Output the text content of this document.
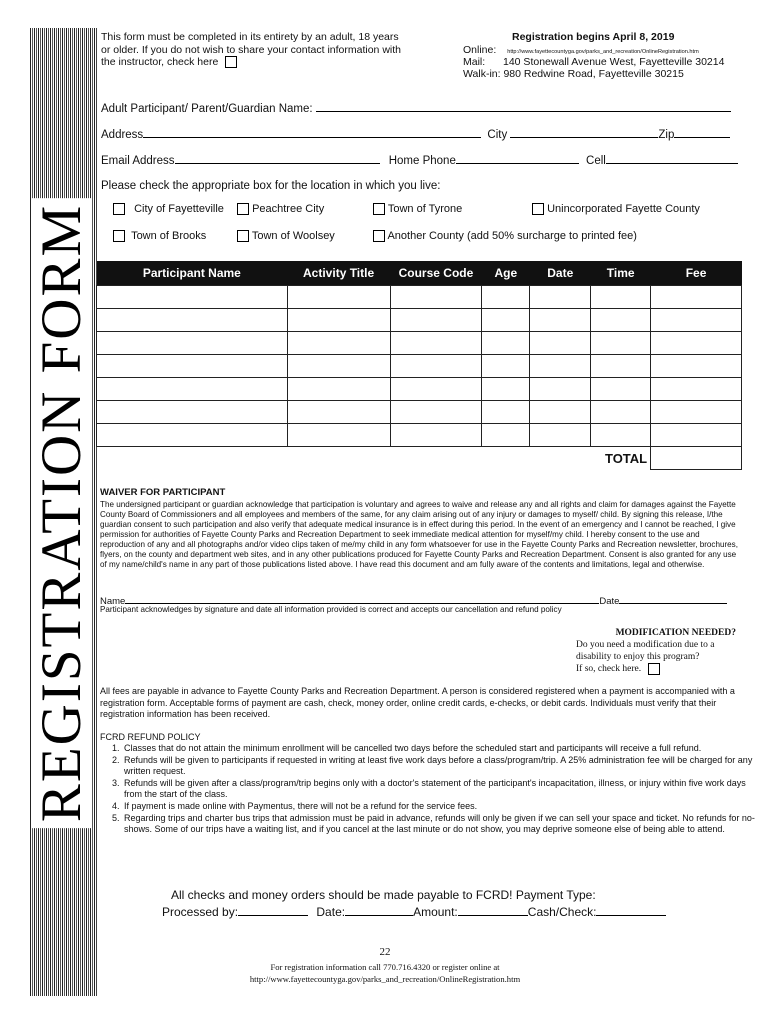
REGISTRATION FORM
This form must be completed in its entirety by an adult, 18 years or older. If you do not wish to share your contact information with the instructor, check here
Registration begins April 8, 2019
Online: http://www.fayettecountyga.gov/parks_and_recreation/OnlineRegistration.htm
Mail: 140 Stonewall Avenue West, Fayetteville 30214
Walk-in: 980 Redwine Road, Fayetteville 30215
Adult Participant/ Parent/Guardian Name:
Address	City	Zip
Email Address	Home Phone	Cell
Please check the appropriate box for the location in which you live:
City of Fayetteville	Peachtree City	Town of Tyrone	Unincorporated Fayette County
Town of Brooks	Town of Woolsey	Another County (add 50% surcharge to printed fee)
Participant Name	Activity Title	Course Code	Age	Date	Time	Fee

TOTAL						
WAIVER FOR PARTICIPANT
The undersigned participant or guardian acknowledge that participation is voluntary and agrees to waive and release any and all rights and claim for damages against the Fayette County Board of Commissioners and all employees and members of the same, for any claim arising out of any injury or damages to myself/ child. By signing this release, I/the guardian consent to such participation and also verify that adequate medical insurance is in effect during this period. In the event of an emergency and I cannot be reached, I give permission for authorities of Fayette County Parks and Recreation Department to seek immediate medical attention for myself/my child. I hereby consent to the use and reproduction of any and all photographs and/or video clips taken of me/my child in any form whatsoever for use in the Fayette County Parks and Recreation newsletter, brochures, flyers, on the county and department web sites, and in any other publications produced for Fayette County Parks and Recreation Department. Consent is also granted for any use of my name/child's name in any part of those publications listed above. I have read this document and am fully aware of the contents and limitations, legal and otherwise.
Name	Date
Participant acknowledges by signature and date all information provided is correct and accepts our cancellation and refund policy
MODIFICATION NEEDED?
Do you need a modification due to a
disability to enjoy this program?
If so, check here.
All fees are payable in advance to Fayette County Parks and Recreation Department. A person is considered registered when a payment is accompanied with a registration form. Acceptable forms of payment are cash, check, money order, online credit cards, e-checks, or debit cards. Individuals must verify that their registration information has been received.
FCRD REFUND POLICY
1. Classes that do not attain the minimum enrollment will be cancelled two days before the scheduled start and participants will receive a full refund.
2. Refunds will be given to participants if requested in writing at least five work days before a class/program/trip. A 25% administration fee will be charged for any written request.
3. Refunds will be given after a class/program/trip begins only with a doctor's statement of the participant's incapacitation, illness, or injury within five work days from the start of the class.
4. If payment is made online with Paymentus, there will not be a refund for the service fees.
5. Regarding trips and charter bus trips that admission must be paid in advance, refunds will only be given if we can sell your space and ticket. No refunds for no-shows. Some of our trips have a waiting list, and if you cancel at the last minute or do not show, you may deprive someone else of being able to attend.
All checks and money orders should be made payable to FCRD! Payment Type:
Processed by:	Date:	Amount:	Cash/Check:
22
For registration information call 770.716.4320 or register online at
http://www.fayettecountyga.gov/parks_and_recreation/OnlineRegistration.htm
